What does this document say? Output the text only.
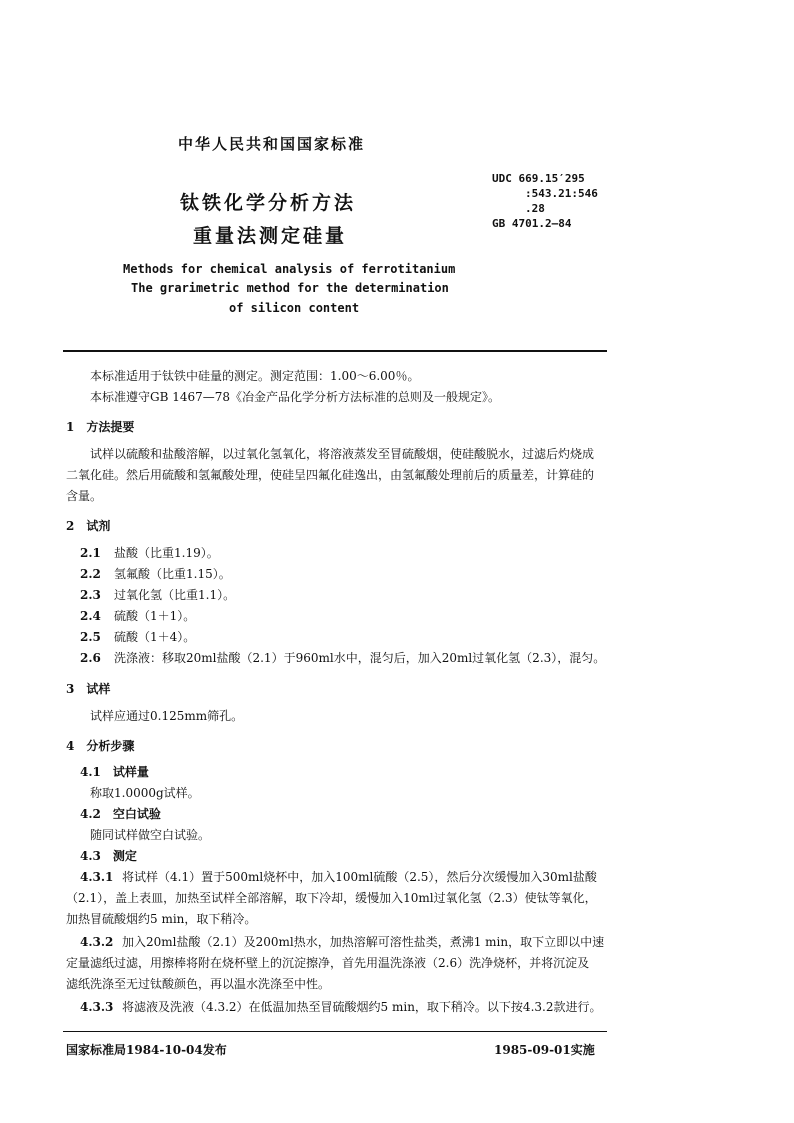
中华人民共和国国家标准
钛铁化学分析方法
重量法测定硅量
UDC 669.15′295
:543.21:546
.28
GB 4701.2—84
Methods for chemical analysis of ferrotitanium
The grarimetric method for the determination
of silicon content
本标准适用于钛铁中硅量的测定。测定范围：1.00～6.00％。
本标准遵守GB 1467—78《冶金产品化学分析方法标准的总则及一般规定》。
1　方法提要
试样以硫酸和盐酸溶解，以过氧化氢氧化，将溶液蒸发至冒硫酸烟，使硅酸脱水，过滤后灼烧成
二氧化硅。然后用硫酸和氢氟酸处理，使硅呈四氟化硅逸出，由氢氟酸处理前后的质量差，计算硅的
含量。
2　试剂
2.1 盐酸（比重1.19）。
2.2 氢氟酸（比重1.15）。
2.3 过氧化氢（比重1.1）。
2.4 硫酸（1＋1）。
2.5 硫酸（1＋4）。
2.6 洗涤液：移取20ml盐酸（2.1）于960ml水中，混匀后，加入20ml过氧化氢（2.3），混匀。
3　试样
试样应通过0.125mm筛孔。
4　分析步骤
4.1　试样量
称取1.0000g试样。
4.2　空白试验
随同试样做空白试验。
4.3　测定
4.3.1 将试样（4.1）置于500ml烧杯中，加入100ml硫酸（2.5），然后分次缓慢加入30ml盐酸
（2.1），盖上表皿，加热至试样全部溶解，取下冷却，缓慢加入10ml过氧化氢（2.3）使钛等氧化，
加热冒硫酸烟约5 min，取下稍冷。
4.3.2 加入20ml盐酸（2.1）及200ml热水，加热溶解可溶性盐类，煮沸1 min，取下立即以中速
定量滤纸过滤，用擦棒将附在烧杯壁上的沉淀擦净，首先用温洗涤液（2.6）洗净烧杯，并将沉淀及
滤纸洗涤至无过钛酸颜色，再以温水洗涤至中性。
4.3.3 将滤液及洗液（4.3.2）在低温加热至冒硫酸烟约5 min，取下稍冷。以下按4.3.2款进行。
国家标准局1984-10-04发布	1985-09-01实施
